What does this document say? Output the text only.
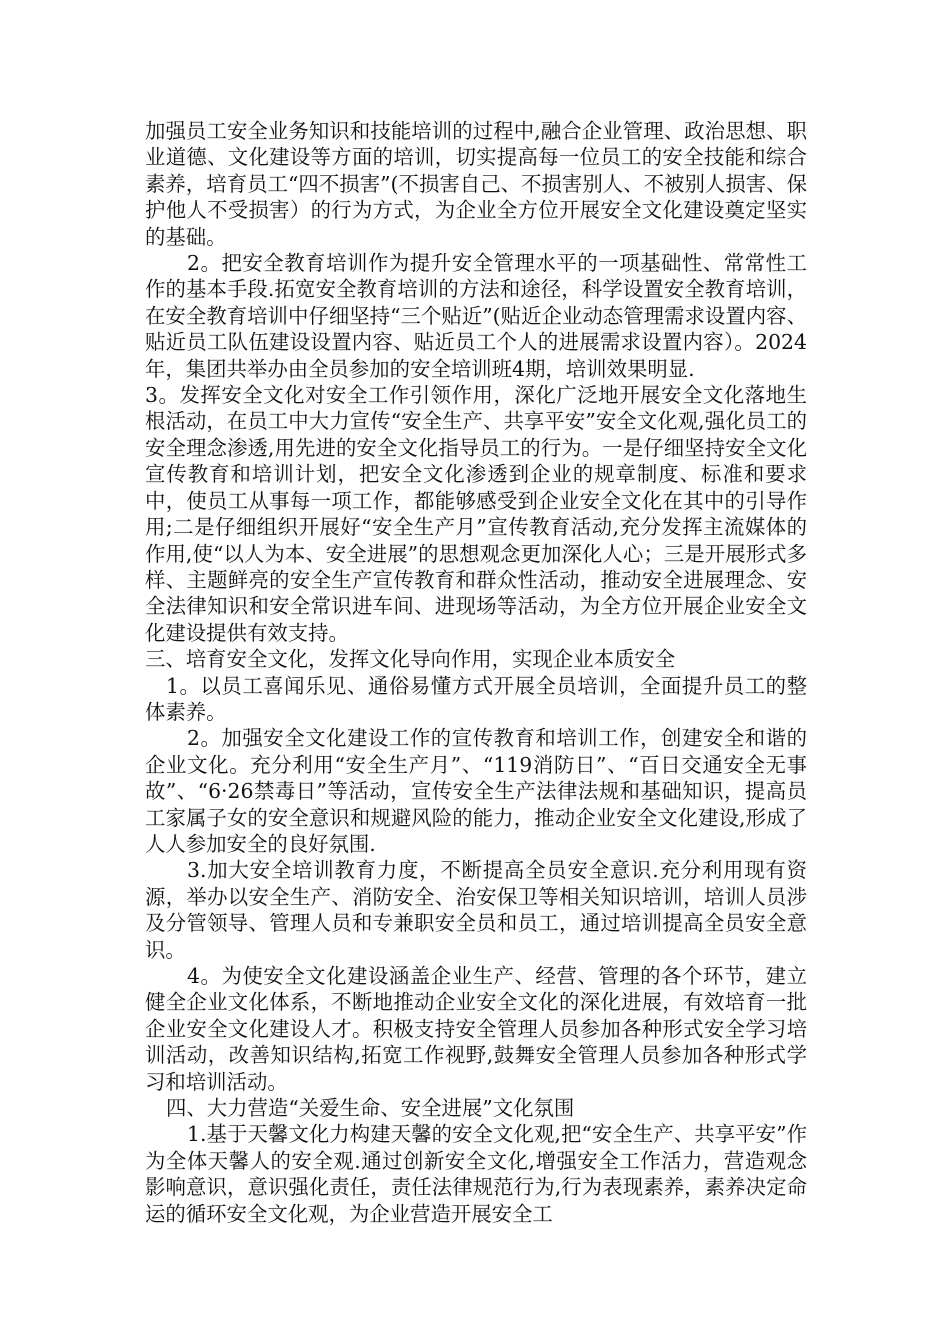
加强员工安全业务知识和技能培训的过程中,融合企业管理、政治思想、职业道德、文化建设等方面的培训，切实提高每一位员工的安全技能和综合素养，培育员工“四不损害”(不损害自己、不损害别人、不被别人损害、保护他人不受损害）的行为方式，为企业全方位开展安全文化建设奠定坚实的基础。

2。把安全教育培训作为提升安全管理水平的一项基础性、常常性工作的基本手段.拓宽安全教育培训的方法和途径，科学设置安全教育培训，在安全教育培训中仔细坚持“三个贴近”(贴近企业动态管理需求设置内容、贴近员工队伍建设设置内容、贴近员工个人的进展需求设置内容）。2024年，集团共举办由全员参加的安全培训班4期，培训效果明显.

3。发挥安全文化对安全工作引领作用，深化广泛地开展安全文化落地生根活动，在员工中大力宣传“安全生产、共享平安”安全文化观,强化员工的安全理念渗透,用先进的安全文化指导员工的行为。一是仔细坚持安全文化宣传教育和培训计划，把安全文化渗透到企业的规章制度、标准和要求中，使员工从事每一项工作，都能够感受到企业安全文化在其中的引导作用;二是仔细组织开展好“安全生产月”宣传教育活动,充分发挥主流媒体的作用,使“以人为本、安全进展”的思想观念更加深化人心；三是开展形式多样、主题鲜亮的安全生产宣传教育和群众性活动，推动安全进展理念、安全法律知识和安全常识进车间、进现场等活动，为全方位开展企业安全文化建设提供有效支持。

三、培育安全文化，发挥文化导向作用，实现企业本质安全

1。以员工喜闻乐见、通俗易懂方式开展全员培训，全面提升员工的整体素养。

2。加强安全文化建设工作的宣传教育和培训工作，创建安全和谐的企业文化。充分利用“安全生产月”、“119消防日”、“百日交通安全无事故”、“6·26禁毒日”等活动，宣传安全生产法律法规和基础知识，提高员工家属子女的安全意识和规避风险的能力，推动企业安全文化建设,形成了人人参加安全的良好氛围.

3.加大安全培训教育力度，不断提高全员安全意识.充分利用现有资源，举办以安全生产、消防安全、治安保卫等相关知识培训，培训人员涉及分管领导、管理人员和专兼职安全员和员工，通过培训提高全员安全意识。

4。为使安全文化建设涵盖企业生产、经营、管理的各个环节，建立健全企业文化体系，不断地推动企业安全文化的深化进展，有效培育一批企业安全文化建设人才。积极支持安全管理人员参加各种形式安全学习培训活动，改善知识结构,拓宽工作视野,鼓舞安全管理人员参加各种形式学习和培训活动。

四、大力营造“关爱生命、安全进展”文化氛围

1.基于天馨文化力构建天馨的安全文化观,把“安全生产、共享平安”作为全体天馨人的安全观.通过创新安全文化,增强安全工作活力，营造观念影响意识，意识强化责任，责任法律规范行为,行为表现素养，素养决定命运的循环安全文化观，为企业营造开展安全工
